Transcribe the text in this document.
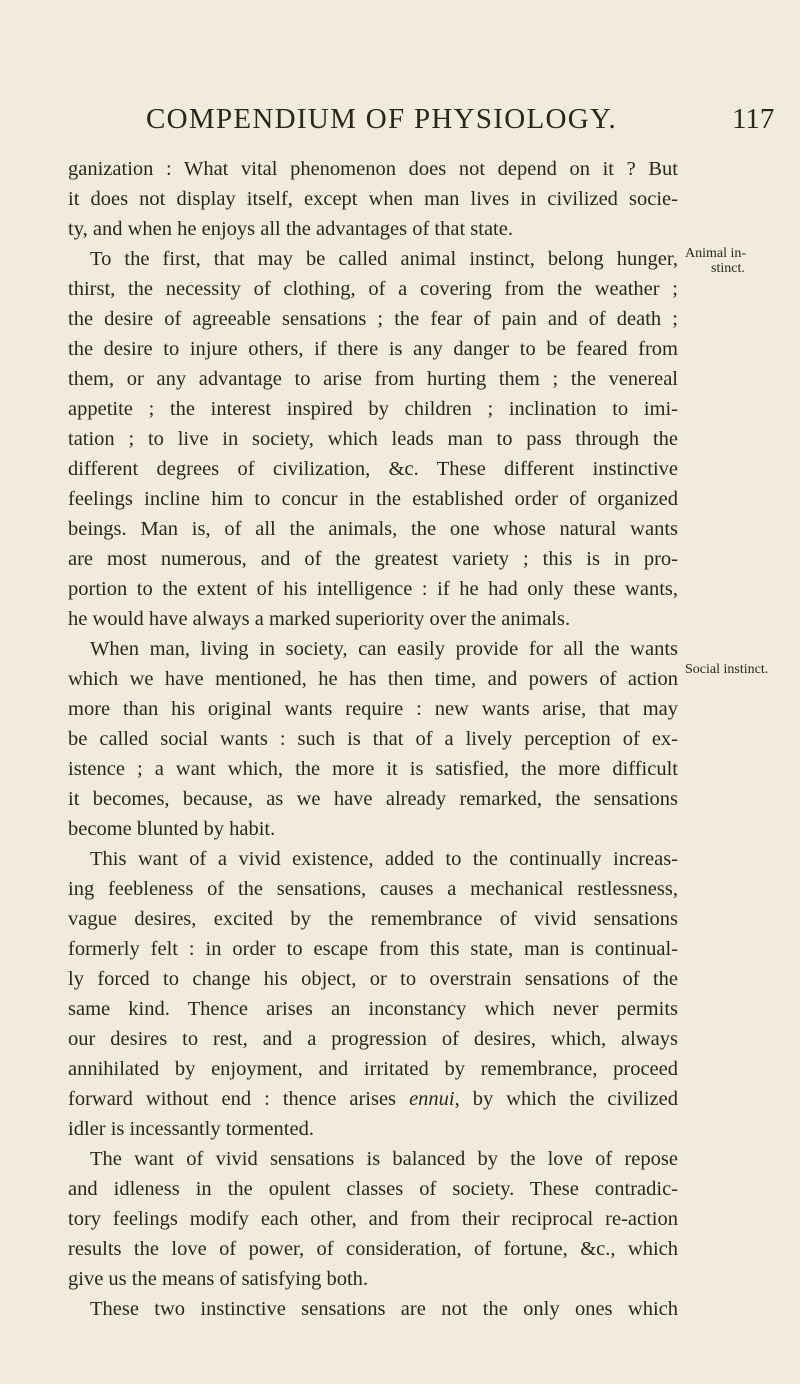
COMPENDIUM OF PHYSIOLOGY.	117
Animal in-
stinct.
Social instinct.
ganization : What vital phenomenon does not depend on it ? But
it does not display itself, except when man lives in civilized socie-
ty, and when he enjoys all the advantages of that state.
To the first, that may be called animal instinct, belong hunger,
thirst, the necessity of clothing, of a covering from the weather ;
the desire of agreeable sensations ; the fear of pain and of death ;
the desire to injure others, if there is any danger to be feared from
them, or any advantage to arise from hurting them ; the venereal
appetite ; the interest inspired by children ; inclination to imi-
tation ; to live in society, which leads man to pass through the
different degrees of civilization, &c. These different instinctive
feelings incline him to concur in the established order of organized
beings. Man is, of all the animals, the one whose natural wants
are most numerous, and of the greatest variety ; this is in pro-
portion to the extent of his intelligence : if he had only these wants,
he would have always a marked superiority over the animals.
When man, living in society, can easily provide for all the wants
which we have mentioned, he has then time, and powers of action
more than his original wants require : new wants arise, that may
be called social wants : such is that of a lively perception of ex-
istence ; a want which, the more it is satisfied, the more difficult
it becomes, because, as we have already remarked, the sensations
become blunted by habit.
This want of a vivid existence, added to the continually increas-
ing feebleness of the sensations, causes a mechanical restlessness,
vague desires, excited by the remembrance of vivid sensations
formerly felt : in order to escape from this state, man is continual-
ly forced to change his object, or to overstrain sensations of the
same kind. Thence arises an inconstancy which never permits
our desires to rest, and a progression of desires, which, always
annihilated by enjoyment, and irritated by remembrance, proceed
forward without end : thence arises ennui, by which the civilized
idler is incessantly tormented.
The want of vivid sensations is balanced by the love of repose
and idleness in the opulent classes of society. These contradic-
tory feelings modify each other, and from their reciprocal re-action
results the love of power, of consideration, of fortune, &c., which
give us the means of satisfying both.
These two instinctive sensations are not the only ones which
